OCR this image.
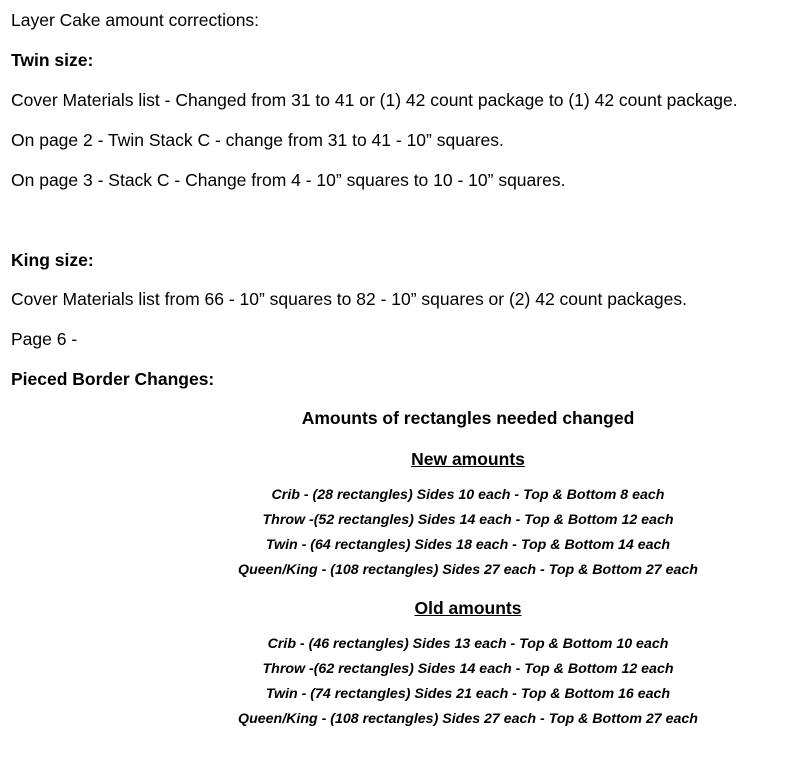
Layer Cake amount corrections:
Twin size:
Cover Materials list - Changed from 31 to 41 or (1) 42 count package to (1) 42 count package.
On page 2 - Twin Stack C - change from 31 to 41 - 10” squares.
On page 3 - Stack C - Change from 4 - 10” squares to 10 - 10” squares.
King size:
Cover Materials list from 66 - 10” squares to 82 - 10” squares or (2) 42 count packages.
Page 6 -
Pieced Border Changes:
Amounts of rectangles needed changed
New amounts
Crib - (28 rectangles) Sides 10 each - Top & Bottom 8 each
Throw -(52 rectangles) Sides 14 each - Top & Bottom 12 each
Twin - (64 rectangles) Sides 18 each - Top & Bottom 14 each
Queen/King - (108 rectangles) Sides 27 each - Top & Bottom 27 each
Old amounts
Crib - (46 rectangles) Sides 13 each - Top & Bottom 10 each
Throw -(62 rectangles) Sides 14 each - Top & Bottom 12 each
Twin - (74 rectangles) Sides 21 each - Top & Bottom 16 each
Queen/King - (108 rectangles) Sides 27 each - Top & Bottom 27 each
